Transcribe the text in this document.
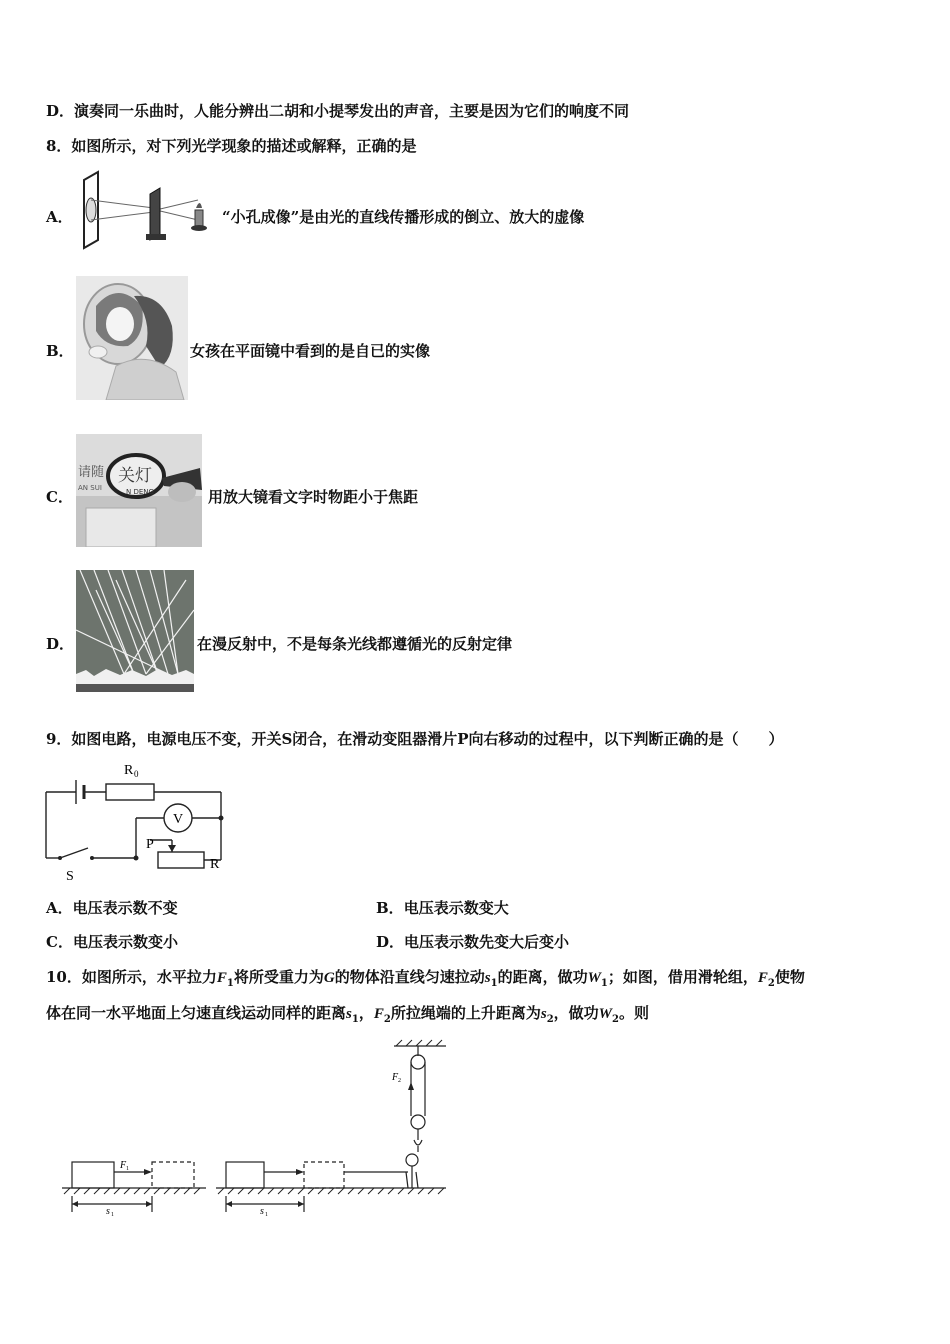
D．演奏同一乐曲时，人能分辨出二胡和小提琴发出的声音，主要是因为它们的响度不同
8．如图所示，对下列光学现象的描述或解释，正确的是
A．	“小孔成像”是由光的直线传播形成的倒立、放大的虚像
B．	女孩在平面镜中看到的是自已的实像
C．
请随
AN SUI
关灯
N DENG	用放大镜看文字时物距小于焦距
D．	在漫反射中，不是每条光线都遵循光的反射定律
9．如图电路，电源电压不变，开关S闭合，在滑动变阻器滑片P向右移动的过程中，以下判断正确的是（　　）
R 0
V
P
R
S
A．电压表示数不变	B．电压表示数变大
C．电压表示数变小	D．电压表示数先变大后变小
10．如图所示，水平拉力$F_1$将所受重力为G的物体沿直线匀速拉动$s_1$的距离，做功$W_1$；如图，借用滑轮组，$F_2$使物
体在同一水平地面上匀速直线运动同样的距离$s_1$，$F_2$所拉绳端的上升距离为$s_2$，做功$W_2$。则
F 1
F 2
s 1	s 1
